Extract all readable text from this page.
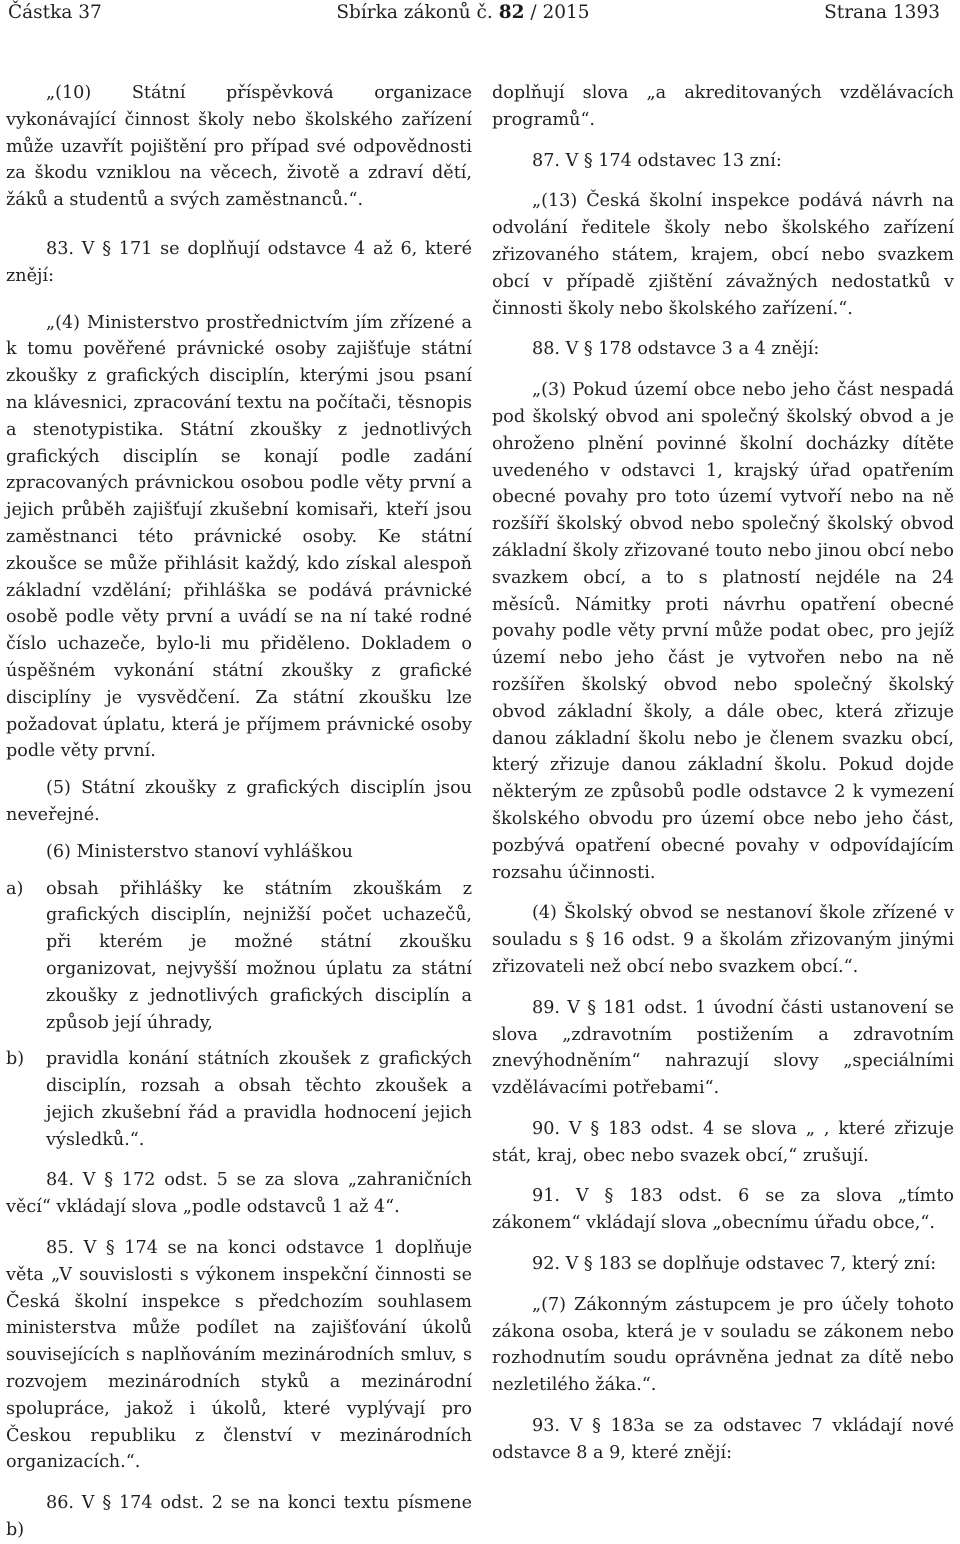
Částka 37	Sbírka zákonů č. 82 / 2015	Strana 1393

„(10) Státní příspěvková organizace vykonávající činnost školy nebo školského zařízení může uzavřít pojištění pro případ své odpovědnosti za škodu vzniklou na věcech, životě a zdraví dětí, žáků a studentů a svých zaměstnanců.“.

83. V § 171 se doplňují odstavce 4 až 6, které znějí:

„(4) Ministerstvo prostřednictvím jím zřízené a k tomu pověřené právnické osoby zajišťuje státní zkoušky z grafických disciplín, kterými jsou psaní na klávesnici, zpracování textu na počítači, těsnopis a stenotypistika. Státní zkoušky z jednotlivých grafických disciplín se konají podle zadání zpracovaných právnickou osobou podle věty první a jejich průběh zajišťují zkušební komisaři, kteří jsou zaměstnanci této právnické osoby. Ke státní zkoušce se může přihlásit každý, kdo získal alespoň základní vzdělání; přihláška se podává právnické osobě podle věty první a uvádí se na ní také rodné číslo uchazeče, bylo-li mu přiděleno. Dokladem o úspěšném vykonání státní zkoušky z grafické disciplíny je vysvědčení. Za státní zkoušku lze požadovat úplatu, která je příjmem právnické osoby podle věty první.

(5) Státní zkoušky z grafických disciplín jsou neveřejné.

(6) Ministerstvo stanoví vyhláškou

a)	obsah přihlášky ke státním zkouškám z grafických disciplín, nejnižší počet uchazečů, při kterém je možné státní zkoušku organizovat, nejvyšší možnou úplatu za státní zkoušky z jednotlivých grafických disciplín a způsob její úhrady,
b)	pravidla konání státních zkoušek z grafických disciplín, rozsah a obsah těchto zkoušek a jejich zkušební řád a pravidla hodnocení jejich výsledků.“.

84. V § 172 odst. 5 se za slova „zahraničních věcí“ vkládají slova „podle odstavců 1 až 4“.

85. V § 174 se na konci odstavce 1 doplňuje věta „V souvislosti s výkonem inspekční činnosti se Česká školní inspekce s předchozím souhlasem ministerstva může podílet na zajišťování úkolů souvisejících s naplňováním mezinárodních smluv, s rozvojem mezinárodních styků a mezinárodní spolupráce, jakož i úkolů, které vyplývají pro Českou republiku z členství v mezinárodních organizacích.“.

86. V § 174 odst. 2 se na konci textu písmene b)

doplňují slova „a akreditovaných vzdělávacích programů“.

87. V § 174 odstavec 13 zní:

„(13) Česká školní inspekce podává návrh na odvolání ředitele školy nebo školského zařízení zřizovaného státem, krajem, obcí nebo svazkem obcí v případě zjištění závažných nedostatků v činnosti školy nebo školského zařízení.“.

88. V § 178 odstavce 3 a 4 znějí:

„(3) Pokud území obce nebo jeho část nespadá pod školský obvod ani společný školský obvod a je ohroženo plnění povinné školní docházky dítěte uvedeného v odstavci 1, krajský úřad opatřením obecné povahy pro toto území vytvoří nebo na ně rozšíří školský obvod nebo společný školský obvod základní školy zřizované touto nebo jinou obcí nebo svazkem obcí, a to s platností nejdéle na 24 měsíců. Námitky proti návrhu opatření obecné povahy podle věty první může podat obec, pro jejíž území nebo jeho část je vytvořen nebo na ně rozšířen školský obvod nebo společný školský obvod základní školy, a dále obec, která zřizuje danou základní školu nebo je členem svazku obcí, který zřizuje danou základní školu. Pokud dojde některým ze způsobů podle odstavce 2 k vymezení školského obvodu pro území obce nebo jeho část, pozbývá opatření obecné povahy v odpovídajícím rozsahu účinnosti.

(4) Školský obvod se nestanoví škole zřízené v souladu s § 16 odst. 9 a školám zřizovaným jinými zřizovateli než obcí nebo svazkem obcí.“.

89. V § 181 odst. 1 úvodní části ustanovení se slova „zdravotním postižením a zdravotním znevýhodněním“ nahrazují slovy „speciálními vzdělávacími potřebami“.

90. V § 183 odst. 4 se slova „ , které zřizuje stát, kraj, obec nebo svazek obcí,“ zrušují.

91. V § 183 odst. 6 se za slova „tímto zákonem“ vkládají slova „obecnímu úřadu obce,“.

92. V § 183 se doplňuje odstavec 7, který zní:

„(7) Zákonným zástupcem je pro účely tohoto zákona osoba, která je v souladu se zákonem nebo rozhodnutím soudu oprávněna jednat za dítě nebo nezletilého žáka.“.

93. V § 183a se za odstavec 7 vkládají nové odstavce 8 a 9, které znějí:
